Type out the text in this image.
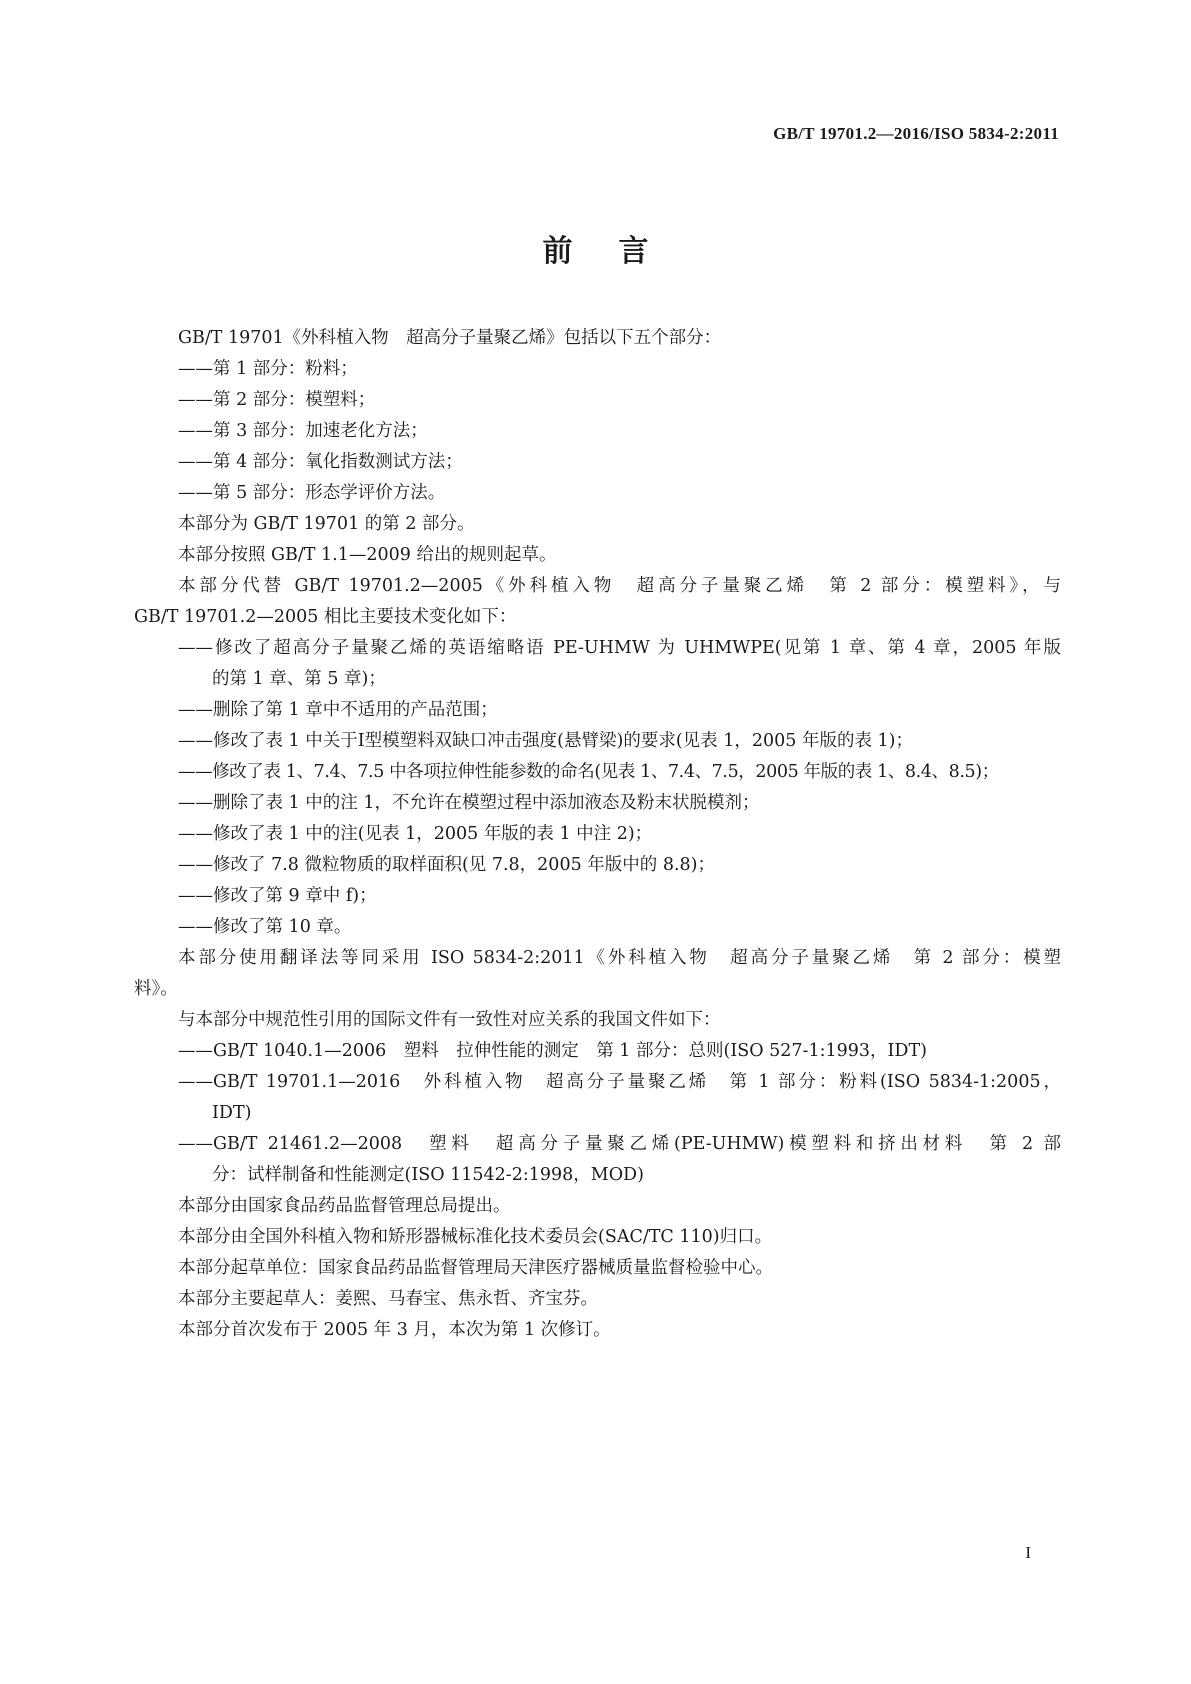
GB/T 19701.2—2016/ISO 5834-2:2011
前言
GB/T 19701《外科植入物　超高分子量聚乙烯》包括以下五个部分：
——第 1 部分：粉料；
——第 2 部分：模塑料；
——第 3 部分：加速老化方法；
——第 4 部分：氧化指数测试方法；
——第 5 部分：形态学评价方法。
本部分为 GB/T 19701 的第 2 部分。
本部分按照 GB/T 1.1—2009 给出的规则起草。
本部分代替 GB/T 19701.2—2005《外科植入物　超高分子量聚乙烯　第 2 部分：模塑料》，与
GB/T 19701.2—2005 相比主要技术变化如下：
——修改了超高分子量聚乙烯的英语缩略语 PE-UHMW 为 UHMWPE(见第 1 章、第 4 章，2005 年版
的第 1 章、第 5 章)；
——删除了第 1 章中不适用的产品范围；
——修改了表 1 中关于Ⅰ型模塑料双缺口冲击强度(悬臂梁)的要求(见表 1，2005 年版的表 1)；
——修改了表 1、7.4、7.5 中各项拉伸性能参数的命名(见表 1、7.4、7.5，2005 年版的表 1、8.4、8.5)；
——删除了表 1 中的注 1，不允许在模塑过程中添加液态及粉末状脱模剂；
——修改了表 1 中的注(见表 1，2005 年版的表 1 中注 2)；
——修改了 7.8 微粒物质的取样面积(见 7.8，2005 年版中的 8.8)；
——修改了第 9 章中 f)；
——修改了第 10 章。
本部分使用翻译法等同采用 ISO 5834-2:2011《外科植入物　超高分子量聚乙烯　第 2 部分：模塑
料》。
与本部分中规范性引用的国际文件有一致性对应关系的我国文件如下：
——GB/T 1040.1—2006　塑料　拉伸性能的测定　第 1 部分：总则(ISO 527-1:1993，IDT)
——GB/T 19701.1—2016　外科植入物　超高分子量聚乙烯　第 1 部分：粉料(ISO 5834-1:2005，
IDT)
——GB/T 21461.2—2008　塑料　超高分子量聚乙烯(PE-UHMW)模塑料和挤出材料　第 2 部
分：试样制备和性能测定(ISO 11542-2:1998，MOD)
本部分由国家食品药品监督管理总局提出。
本部分由全国外科植入物和矫形器械标准化技术委员会(SAC/TC 110)归口。
本部分起草单位：国家食品药品监督管理局天津医疗器械质量监督检验中心。
本部分主要起草人：姜熙、马春宝、焦永哲、齐宝芬。
本部分首次发布于 2005 年 3 月，本次为第 1 次修订。
I
